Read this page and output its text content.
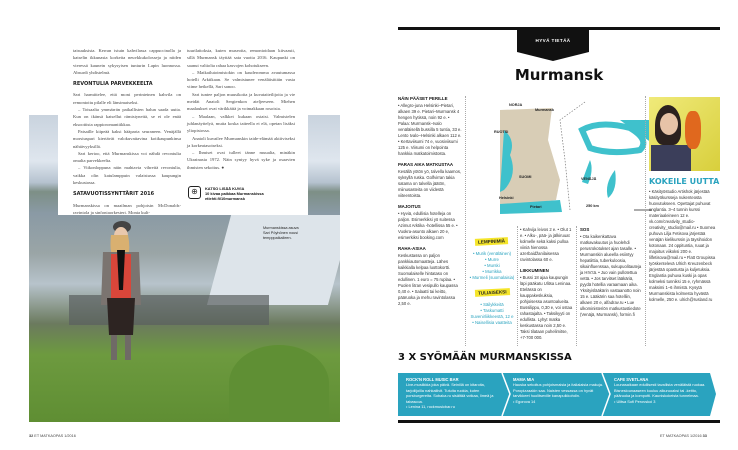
Murmanskissa asuva Sari Pöyhönen nousi tempppaikalleen.

taisuuksista. Kerran istuin kahvilassa cappuccinolla ja katselin ikkunasta korkeita neuvkkukolosseja ja niiden vieressä kaunein sykysyisen tunturin Lapin luonnossa. Absurdi yhdistelmä.

REVONTULIA PARVEKKEELTA

Sari harmittelee, että moni perinteinen kahvila on remontoitu pilalle eli länsimaiseksi.

– Toisaalta ymmärrän paikallisten halun saada uutta. Kun on ikänsä katsellut rämistyneitä, se ei ole enää eksoottista rappioromantiikkaa.

Patsaille kiipeää kaksi hääparia seuraneen. Venäjällä morsiuspari kiertävät valokuvattavina kotikaupunkinsa nähtävyyksillä.

Sari kertoo, että Murmanskissa voi nähdä revontulia omalta parvekkeelta.

– Viikonloppuna näin mahtavia vihreitä revontulia, vaikka olin katulamppuin valaistussa kaupungin keskustassa.

SATAVUOTISSYNTTÄRIT 2016

Murmanskissa on maailman pohjoisin McDonalds-ravintola ja sinfoniaorkesteri. Monia kult-

tuurilaitoksia, kuten museoita, remontoidaan kiivaasti, sillä Murmansk täyttää sata vuotta 2016. Kaupunki on saanut valtiolta rahaa kasvojen kohotukseen.

– Matkailutoimistokin on kauderomma avautumassa hotelli Arktikaan. Se valmistunee venäläisittäin vasta viime hetkellä, Sari sanoo.

Sari tuntee paljon muusikoita ja kuvataiteilijoita ja vie meidät Anatoli Sergienkon ateljeeseen. Miehen maalaukset ovat värikkäitä ja voimakkaan rosoisia.

– Maalaan, valkkei kukaan ostaisi. Valmistelen juhlanäyttelyä, mutta koska taiteella ei elä, opetan lisäksi yliopistossa.

Anatoli kuvailee Murmanskin taide-elämää aktiiviseksi ja korkeatasoiseksi.

– Ihmiset ovat tulleet tänne muualta, minäkin Ukrainasta 1972. Näin syntyy hyvä syke ja osaavien ihmisten sekoitus. ●

⊕	KATSO LISÄÄ KUVIA
10 kivaa paikkaa Murmanskissa
etlehti.fi/10murmansk
32 ET MATKAOPAS 1/2016
HYVÄ TIETÄÄ
Murmansk
NÄIN PÄÄSET PERILLE
• Allegro-juna Helsinki–Pietari, alkaen 39 e. Pietari–Murmansk 4 hengen hytissä, noin 92 e. • Palaa: Murmansk–Ivalo venäläisellä bussilla 5 tuntia, 33 e. Lento Ivalo–Helsinki alkaen 112 e. • Kertaviisumi 74 e, vuosiviisumi 125 e. Viisumi on helpointa hankkia matkatoimistosta.
PARAS AIKA MATKUSTAA
Kesällä yötön yö, talvella kaamos, syksyllä ruska. Golfvirran takia satama on talvella jäätön, miinusasteita on viidestä viiteentoista.
MAJOITUS
• Hyviä, edullisia hotelleja on paljon. Esimerkiksi yö suitessa Azimut Arktika -hotellissa 55 e. • Vuokra-asunto alkaen 20 e, esimerkiksi booking.com
RAHA-ASIAA
Keskustassa on paljon pankkiautomaatteja. Lähes kaikkialla kelpaa luottokortti. Suomalaiselle hintataso on edullinen. 1 euro = 75 ruplaa. • Puolen litran vesipullo kaupassa 0,40 e. • Salaatti tai keitto, pääruoka ja mehu ravintolassa 2,50 e.
NORJA
RUOTSI
SUOMI	VENÄJÄ
Murmansk
Helsinki
Pietari	250 km
LEMPINIMIÄ
• Murik (venäläinen)
• Murre
• Murski
• Murrikka
• Murmeli (suomalaisia)
TULIAISEKSI
• Säilykkeitä
• Taskumatti Suvenirliikkeestä, 12 e
• Naisellisia vaatteita
• Kahvija leivos 2 e. • Olut 1 e. • Alku-, pää- ja jälkiruuat kolmelle sekä kaksi pulloa viiniä hienossa azerbaidžanilaisessa ravintolassa 60 e.
LIIKKUMINEN
• Bussi 18 ajaa kaupungin läpi pääkatu Ulitsa Leninaa. Etelässä on kauppakeskuksia, pohjoisessa asuntoalueita. Bussilippu, 0,30 e, voi ostaa rahastajalta. • Taksikyyti on edullista. Lyhyt matka keskustassa noin 2,50 e. Taksi tilataan puhelimitse, +7-700 000.
SOS
• Ota kaikenkattava matkavakuutus ja huolehdi perusrokotukset ajan tasalle. • Murmanskin alueella esiintyy hepatiittia, tuberkuloosia, sikainfluenssaa, sukupuolitauteja ja HIV:tä. • Juo vain pullotettua vettä. • Jos tarvitset lääkäriä, pyydä hotellia varaamaan aika. Yksityislääkärin vastaanotto noin 15 e. Lääkärin saa hotelliin, alkaen 20 e, alfadrav.ru • Lue ulkoministeriön matkustustiedote (Venäjä, Murmansk), formin.fi
KOKEILE UUTTA
• Käsityöstudio Artishok järjestää käsityökursseja nukenteosta huovutukseen. Opettajat puhuvat englantia. 3–4 tunnin kurssi materiaaleineen 12 e. vk.com/creativity_studio-creativity_studio@mail.ru • Suomea puhuva Lilja Fetisova järjestää venäjän kielikurssin ja täysihoidon kotonaan. 24 oppituntia, ruuat ja majoitus viikoksi 200 e. lilfetisova@mail.ru • Flatt Groupissa työskentelevä Ulrich Kreuzenbeck järjestää opastusta ja kuljetuksia. Englantia puhuva kuski ja opas kolmeksi tunniksi 15 e, ryhmässä maksimi 1–6 ihmistä. Kysytä Murmanskista kolmesta hyvästä kolmelle, 250 e. ulrich@rusland.ru
3 X SYÖMÄÄN MURMANSKISSA
ROCK'N ROLL MUSIC BAR
Live-musiikkia joka päivä. Seinillä on kitaroita, tarjoilijoilla nahkaliivit. Tutuita ruokia, kuten porsburgereita. Sobaka.ru sisältää votkaa, limeä ja tabascoa.
• Lenina 11, rockmusicbar.ru
MAMA MIA
Hauska sekoitus pohjoismaisia ja italialaisia makuja. Poropizzaakin saa. Naisten vessassa on hyvät tarvikkeet huolitseville kanapulkkohdin.
• Egorova 14
CAFE SVETLANA
Lounasaikaan edullisesti tavallista venäläistä ruokaa. Bisneslounaaseen kuuluu alkuruoaksi tai -keitto, pääruoka ja kompotti. Kauniskokeista tunnelmaa.
• Ulitsa Sofi Perovskoi 3
ET MATKAOPAS 1/2016 33
